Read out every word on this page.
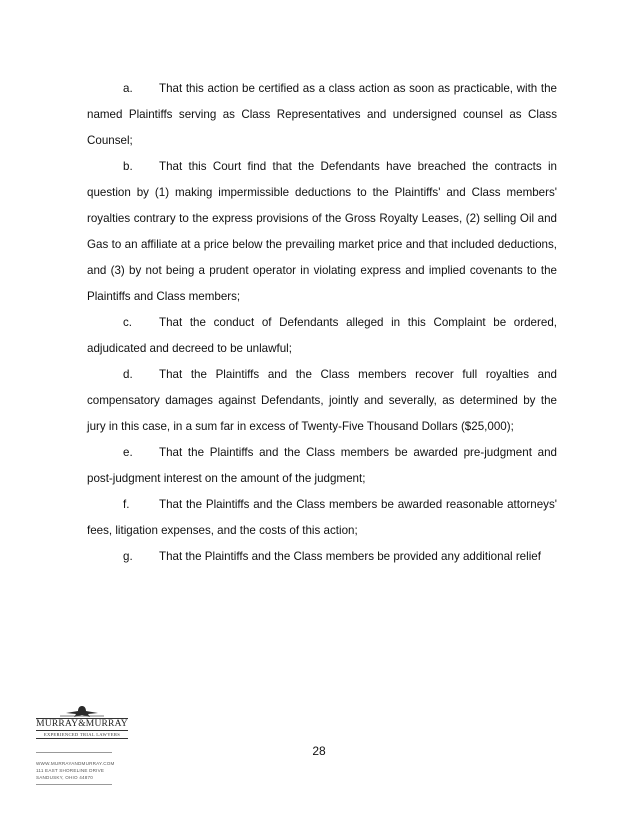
a. That this action be certified as a class action as soon as practicable, with the named Plaintiffs serving as Class Representatives and undersigned counsel as Class Counsel;
b. That this Court find that the Defendants have breached the contracts in question by (1) making impermissible deductions to the Plaintiffs' and Class members' royalties contrary to the express provisions of the Gross Royalty Leases, (2) selling Oil and Gas to an affiliate at a price below the prevailing market price and that included deductions, and (3) by not being a prudent operator in violating express and implied covenants to the Plaintiffs and Class members;
c. That the conduct of Defendants alleged in this Complaint be ordered, adjudicated and decreed to be unlawful;
d. That the Plaintiffs and the Class members recover full royalties and compensatory damages against Defendants, jointly and severally, as determined by the jury in this case, in a sum far in excess of Twenty-Five Thousand Dollars ($25,000);
e. That the Plaintiffs and the Class members be awarded pre-judgment and post-judgment interest on the amount of the judgment;
f.	That the Plaintiffs and the Class members be awarded reasonable attorneys' fees, litigation expenses, and the costs of this action;
g. That the Plaintiffs and the Class members be provided any additional relief
MURRAY&MURRAY
EXPERIENCED TRIAL LAWYERS
WWW.MURRAYANDMURRAY.COM
111 EAST SHORELINE DRIVE
SANDUSKY, OHIO 44870
28
